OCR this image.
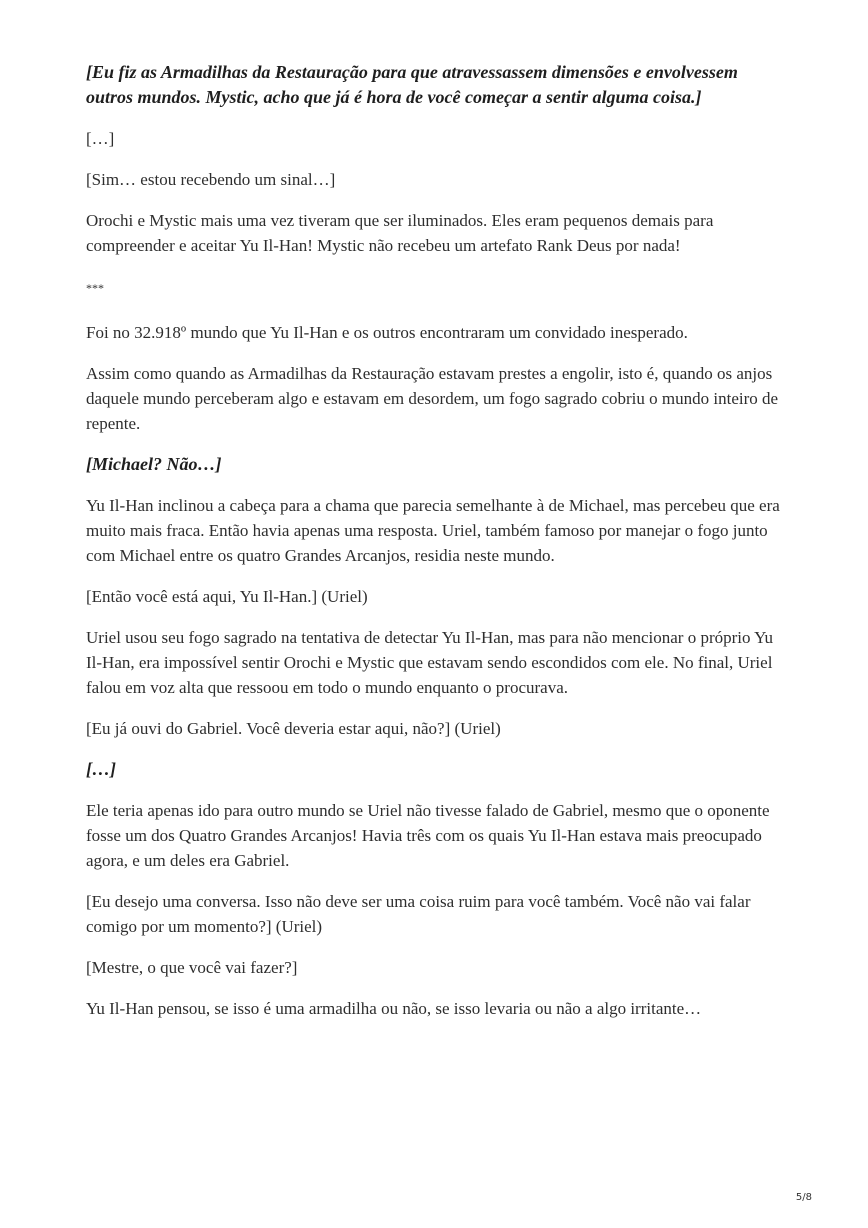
[Eu fiz as Armadilhas da Restauração para que atravessassem dimensões e envolvessem outros mundos. Mystic, acho que já é hora de você começar a sentir alguma coisa.]

[…]

[Sim… estou recebendo um sinal…]

Orochi e Mystic mais uma vez tiveram que ser iluminados. Eles eram pequenos demais para compreender e aceitar Yu Il-Han! Mystic não recebeu um artefato Rank Deus por nada!

***

Foi no 32.918º mundo que Yu Il-Han e os outros encontraram um convidado inesperado.

Assim como quando as Armadilhas da Restauração estavam prestes a engolir, isto é, quando os anjos daquele mundo perceberam algo e estavam em desordem, um fogo sagrado cobriu o mundo inteiro de repente.

[Michael? Não…]

Yu Il-Han inclinou a cabeça para a chama que parecia semelhante à de Michael, mas percebeu que era muito mais fraca. Então havia apenas uma resposta. Uriel, também famoso por manejar o fogo junto com Michael entre os quatro Grandes Arcanjos, residia neste mundo.

[Então você está aqui, Yu Il-Han.] (Uriel)

Uriel usou seu fogo sagrado na tentativa de detectar Yu Il-Han, mas para não mencionar o próprio Yu Il-Han, era impossível sentir Orochi e Mystic que estavam sendo escondidos com ele. No final, Uriel falou em voz alta que ressoou em todo o mundo enquanto o procurava.

[Eu já ouvi do Gabriel. Você deveria estar aqui, não?] (Uriel)

[…]

Ele teria apenas ido para outro mundo se Uriel não tivesse falado de Gabriel, mesmo que o oponente fosse um dos Quatro Grandes Arcanjos! Havia três com os quais Yu Il-Han estava mais preocupado agora, e um deles era Gabriel.

[Eu desejo uma conversa. Isso não deve ser uma coisa ruim para você também. Você não vai falar comigo por um momento?] (Uriel)

[Mestre, o que você vai fazer?]

Yu Il-Han pensou, se isso é uma armadilha ou não, se isso levaria ou não a algo irritante…

5/8
